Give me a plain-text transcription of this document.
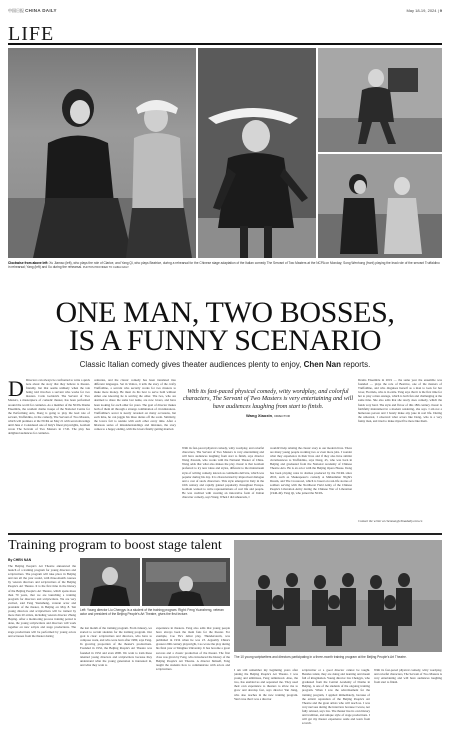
中国日报 CHINA DAILY	May 18-19, 2024 | 9
LIFE
Clockwise from above left: Xu Jiamao (left), who plays the role of Clarice, and Yang Qi, who plays Beatrice, during a rehearsal for the Chinese stage adaptation of the Italian comedy The Servant of Two Masters at the NCPA on Monday; Song Wenhong (front) playing the lead role of the servant Truffaldino in rehearsal; Yang (left) and Xu during the rehearsal. PHOTOS PROVIDED TO CHINA DAILY
ONE MAN, TWO BOSSES,
IS A FUNNY SCENARIO
Classic Italian comedy gives theater audiences plenty to enjoy, Chen Nan reports.
D Directors can always be confronted to write a quick note about the story that they believe is theater-friendly, but that seems unlikely when the tale being told involves a servant who works for two masters. Carlo Goldoni's The Servant of Two Masters, a masterpiece of comedic theater, has been performed around the world for centuries. As a member of the NCPA Drama Ensemble, the resident drama troupe of the National Centre for the Performing Arts, Dong is going to play the lead role of servant, Truffaldino, in the comedy, The Servant of Two Masters, which will premiere at the NCPA on May 21 with seven showings until June 2. Considered one of Italy's finest playwrights, Goldoni wrote The Servant of Two Masters in 1745. The play has delighted audiences for centuries.
centuries, and the classic comedy has been translated into different languages. Set in Venice, it tells the story of the crafty Truffaldino, a servant who secretly works for two masters to make more money. He must do his best to serve both without either one knowing he is serving the other. The two, who are destined to share the same last name, are now lovers, and have been looking for each other for years. The goal of director makes both of them all through a strange combination of circumstances. Truffaldino's secret is nearly revealed on many occasions, but each time, he can juggle his three duties off the scent. Similarly, the lovers fail to reunite with each other every time. After a hilarious series of misunderstandings and mistakes, the story comes to a happy ending, with the lovers finally getting married.
With its fast-paced physical comedy, witty wordplay, and colorful characters, The Servant of Two Masters is very entertaining and will have audiences laughing from start to finish.
Wang Xiaoxin, DIRECTOR
With its fast-paced physical comedy, witty wordplay, and colorful characters, The Servant of Two Masters is very entertaining and will have audiences laughing from start to finish, says director Wang Xiaoxin, who works with the National Theater of China. Wang adds that what also makes the play classic is that Goldoni preferred to try new ideas and styles, different to the mainstream style of writing comedy, known as commedia dell'arte, which was popular during his day. It is characterized by improvised dialogue and a cast of stock characters. This style emerged in Italy in the 16th century and rapidly gained popularity throughout Europe. Goldoni wanted to write representations of real life and people. He was credited with creating an innovative form of Italian character comedy, says Wang. When I did rehearsals, I
wouldn't help relating the classic story to our modern lives. There are many young people working two or even more jobs. I wonder what they experience in their lives and if they also have similar circumstances to Truffaldino, says Dong, 45, who was born in Beijing and graduated from the National Academy of Chinese Theatre Arts. He is an actor with the Beijing Opera House. Dong has been playing roles in dramas produced by the NCPA since 2010, such as Shakespeare's comedy A Midsummer Night's Dream, and The Crossroad, which is based on real-life stories of soldiers serving with the Northwest Field Army of the Chinese People's Liberation Army during the Chinese War of Liberation (1946-49). Yang Qi, who joined the NCPA
Drama Ensemble in 2019 — the same year the ensemble was founded — plays the role of Beatrice, one of the masters of Truffaldino, and who disguises herself as a man to look for her lover, Florindo, who is in exile. Yang says that it is the first time for her to play a man onstage, which is both fun and challenging at the same time. She also adds that she rarely does comedy, which the funds very hard. The style and flavor of this 18th century classic is faithfully maintained in a modern rendering, she says. I am not a humorous person and I barely make any joke in real life. During the rehearsal, I observed what actors like Dong, who is a very funny man, and tried to make myself be more like them.
Contact the writer at chennan@chinadaily.com.cn
Training program to boost stage talent
By CHEN NAN
The Beijing People's Art Theatre announced the launch of a training program for young directors and scriptwriters. The program will take place in Beijing and run all the year round, with three-month courses by veteran directors and scriptwriters of the Beijing People's Art Theatre. It is the first time in the history of the Beijing People's Art Theatre, which spans more than 70 years, that we are launching a training program for directors and scriptwriters. We are very excited, said Feng Yuanzheng, veteran actor and president of the theater, in Beijing on May 8. Ten young directors and scriptwriters will be trained by more than 20 artists, including veteran director Zhang Heping. After a monitoring process training period is done, the young scriptwriters and directors will work together on new scripts and stage productions. The stage productions will be performed by young actors and actresses from the theater during
Left: Young director Liu Chengyu is a student of the training program. Right: Feng Yuanzheng, veteran actor and president of the Beijing People's Art Theatre, gives the first lecture.
the last month of the training program. From January, we started to recruit students for the training program. Our goal is clear: scriptwriters and directors, who have to compose work, and who were born after 1980, says Feng. In growing proportion of the theater's productions. Founded in 1952, the Beijing People's Art Theatre was founded in 1952 and even 2000. We want to train these talented young directors and scriptwriters because they understand what the young generation is interested in, and what they want to
experience in theaters. Feng also adds that young people have always been the main fans for the theater. For example, Cao Yu's debut play, Thunderstorm, was published in 1934 when he was 23. Arguably China's greatest 20th century playwright, Cao wrote the play during his final year at Tsinghua University. It has become a great success and a classic production of the theater. The first class was given by Feng, who introduced the history of the Beijing People's Art Theatre. A director himself, Feng taught the students how to communicate with actors and scriptwriters.
The 10 young scriptwriters and directors participating in a three-month training program at the Beijing People's Art Theatre.
I am still remember my beginning years after joining the Beijing People's Art Theatre. I was young and ambitious, Feng reminisced. Also, the two, has enabled us and separated me. They used their own experience to theaters to allow me to grow and develop fast, says director Yan Jiang, who also teaches in the new training program. Yan's true that I was a director
scriptwriter or a good director cannot be taught. Besides talent, they are doing and learning and meant full of imagination. Young director Liu Chengyu, who graduated from the Central Academy of Drama in Beijing, is one of the students of the ongoing training program. When I saw the advertisement for the training program, I applied immediately, because of the artistic reputation of the Beijing People's Art Theatre and the great artists who will teach us. I was very nervous during the interview because I wrote, not fully relaxed, says Liu. The theater has its own history and tradition, and unique style of stage productions. I will get my theater experience aside and learn from scratch.
With its fast-paced physical comedy, witty wordplay, and colorful characters, The Servant of Two Masters is very entertaining and will have audiences laughing from start to finish.
